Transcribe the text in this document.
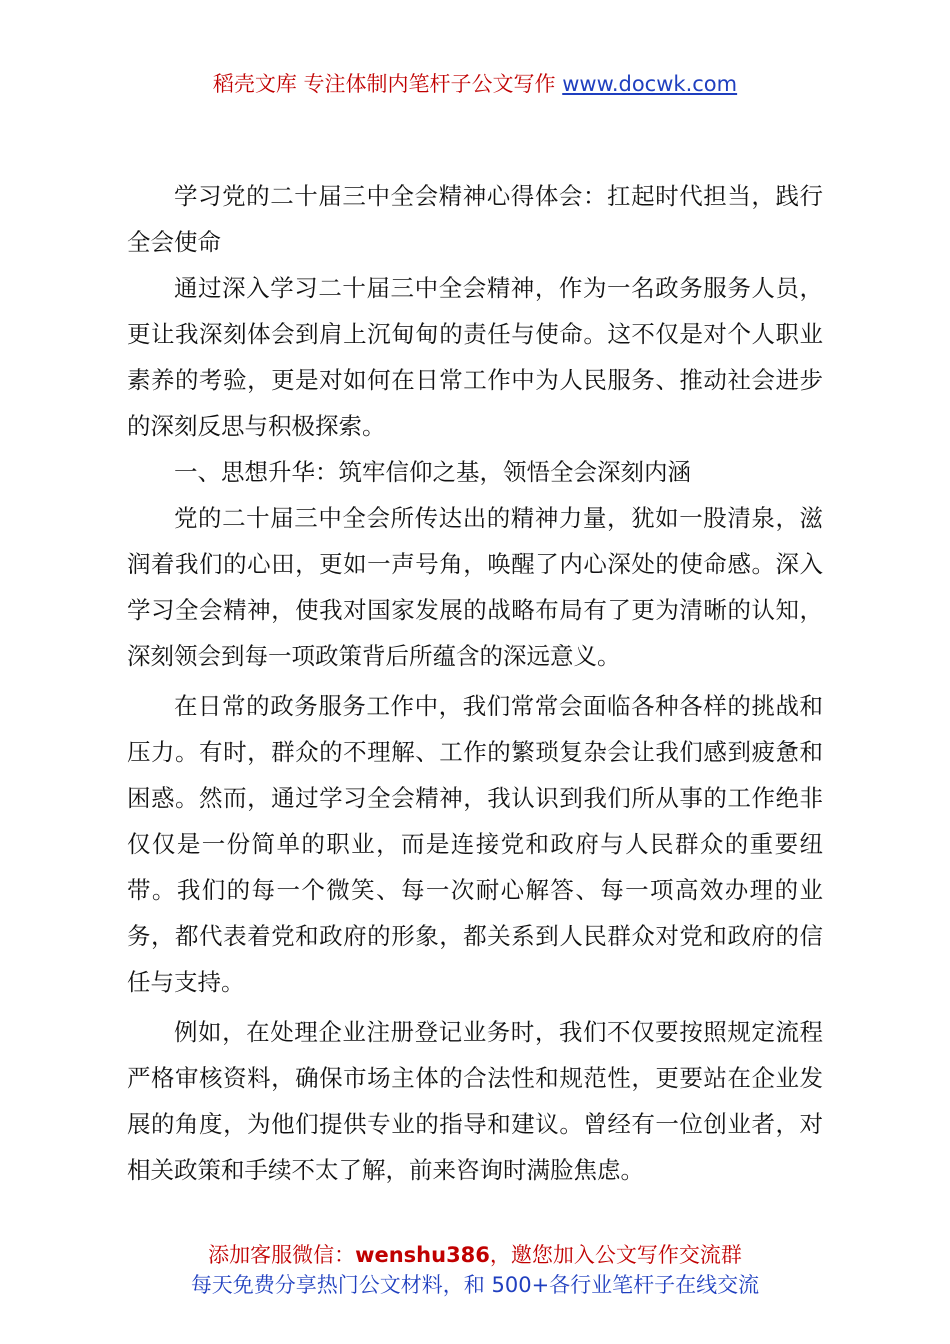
稻壳文库 专注体制内笔杆子公文写作 www.docwk.com

学习党的二十届三中全会精神心得体会：扛起时代担当，践行全会使命

通过深入学习二十届三中全会精神，作为一名政务服务人员，更让我深刻体会到肩上沉甸甸的责任与使命。这不仅是对个人职业素养的考验，更是对如何在日常工作中为人民服务、推动社会进步的深刻反思与积极探索。

一、思想升华：筑牢信仰之基，领悟全会深刻内涵

党的二十届三中全会所传达出的精神力量，犹如一股清泉，滋润着我们的心田，更如一声号角，唤醒了内心深处的使命感。深入学习全会精神，使我对国家发展的战略布局有了更为清晰的认知，深刻领会到每一项政策背后所蕴含的深远意义。

在日常的政务服务工作中，我们常常会面临各种各样的挑战和压力。有时，群众的不理解、工作的繁琐复杂会让我们感到疲惫和困惑。然而，通过学习全会精神，我认识到我们所从事的工作绝非仅仅是一份简单的职业，而是连接党和政府与人民群众的重要纽带。我们的每一个微笑、每一次耐心解答、每一项高效办理的业务，都代表着党和政府的形象，都关系到人民群众对党和政府的信任与支持。

例如，在处理企业注册登记业务时，我们不仅要按照规定流程严格审核资料，确保市场主体的合法性和规范性，更要站在企业发展的角度，为他们提供专业的指导和建议。曾经有一位创业者，对相关政策和手续不太了解，前来咨询时满脸焦虑。

添加客服微信：wenshu386，邀您加入公文写作交流群
每天免费分享热门公文材料，和 500+各行业笔杆子在线交流
